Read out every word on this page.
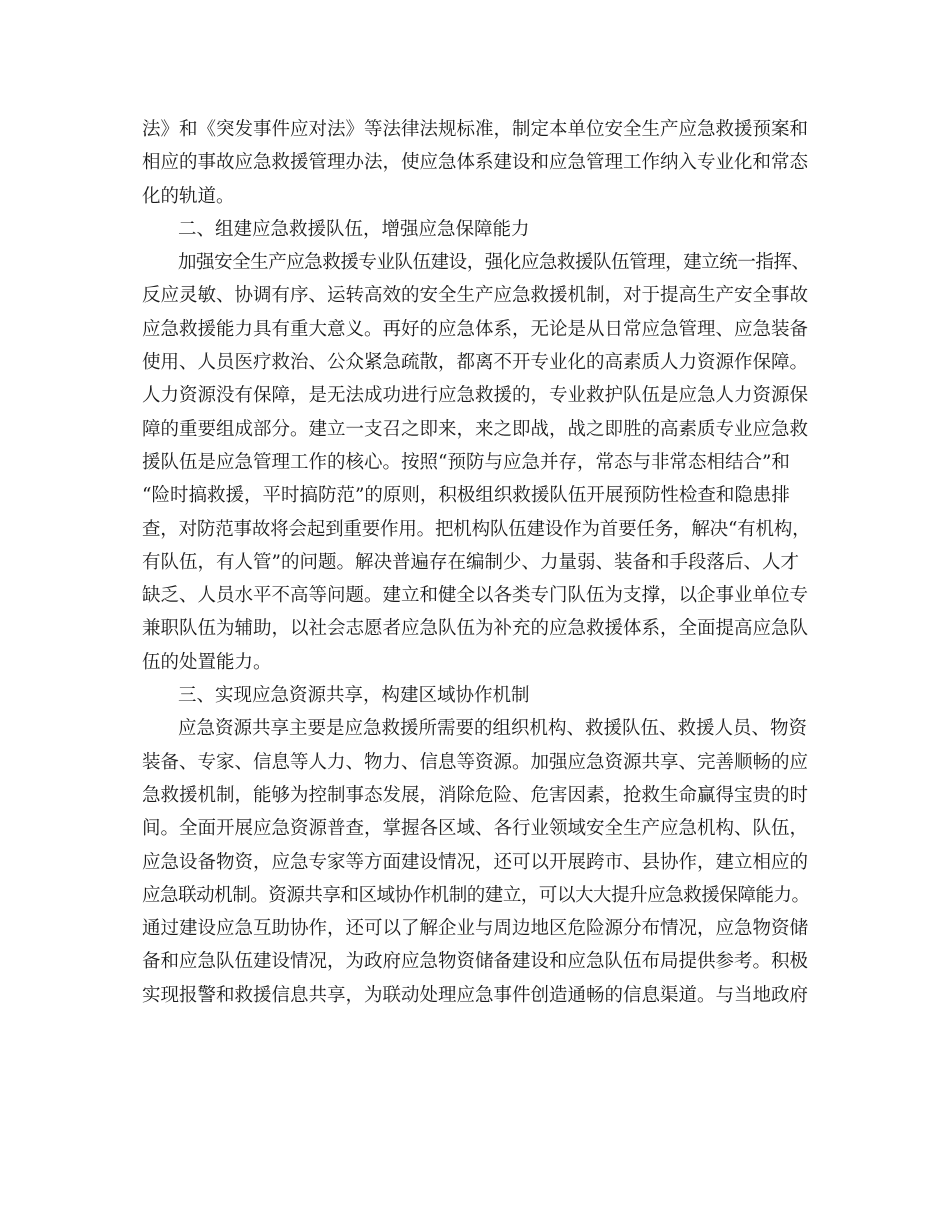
法》和《突发事件应对法》等法律法规标准，制定本单位安全生产应急救援预案和
相应的事故应急救援管理办法，使应急体系建设和应急管理工作纳入专业化和常态
化的轨道。
二、组建应急救援队伍，增强应急保障能力
加强安全生产应急救援专业队伍建设，强化应急救援队伍管理，建立统一指挥、
反应灵敏、协调有序、运转高效的安全生产应急救援机制，对于提高生产安全事故
应急救援能力具有重大意义。再好的应急体系，无论是从日常应急管理、应急装备
使用、人员医疗救治、公众紧急疏散，都离不开专业化的高素质人力资源作保障。
人力资源没有保障，是无法成功进行应急救援的，专业救护队伍是应急人力资源保
障的重要组成部分。建立一支召之即来，来之即战，战之即胜的高素质专业应急救
援队伍是应急管理工作的核心。按照“预防与应急并存，常态与非常态相结合”和
“险时搞救援，平时搞防范”的原则，积极组织救援队伍开展预防性检查和隐患排
查，对防范事故将会起到重要作用。把机构队伍建设作为首要任务，解决“有机构，
有队伍，有人管”的问题。解决普遍存在编制少、力量弱、装备和手段落后、人才
缺乏、人员水平不高等问题。建立和健全以各类专门队伍为支撑，以企事业单位专
兼职队伍为辅助，以社会志愿者应急队伍为补充的应急救援体系，全面提高应急队
伍的处置能力。
三、实现应急资源共享，构建区域协作机制
应急资源共享主要是应急救援所需要的组织机构、救援队伍、救援人员、物资
装备、专家、信息等人力、物力、信息等资源。加强应急资源共享、完善顺畅的应
急救援机制，能够为控制事态发展，消除危险、危害因素，抢救生命赢得宝贵的时
间。全面开展应急资源普查，掌握各区域、各行业领域安全生产应急机构、队伍，
应急设备物资，应急专家等方面建设情况，还可以开展跨市、县协作，建立相应的
应急联动机制。资源共享和区域协作机制的建立，可以大大提升应急救援保障能力。
通过建设应急互助协作，还可以了解企业与周边地区危险源分布情况，应急物资储
备和应急队伍建设情况，为政府应急物资储备建设和应急队伍布局提供参考。积极
实现报警和救援信息共享，为联动处理应急事件创造通畅的信息渠道。与当地政府
